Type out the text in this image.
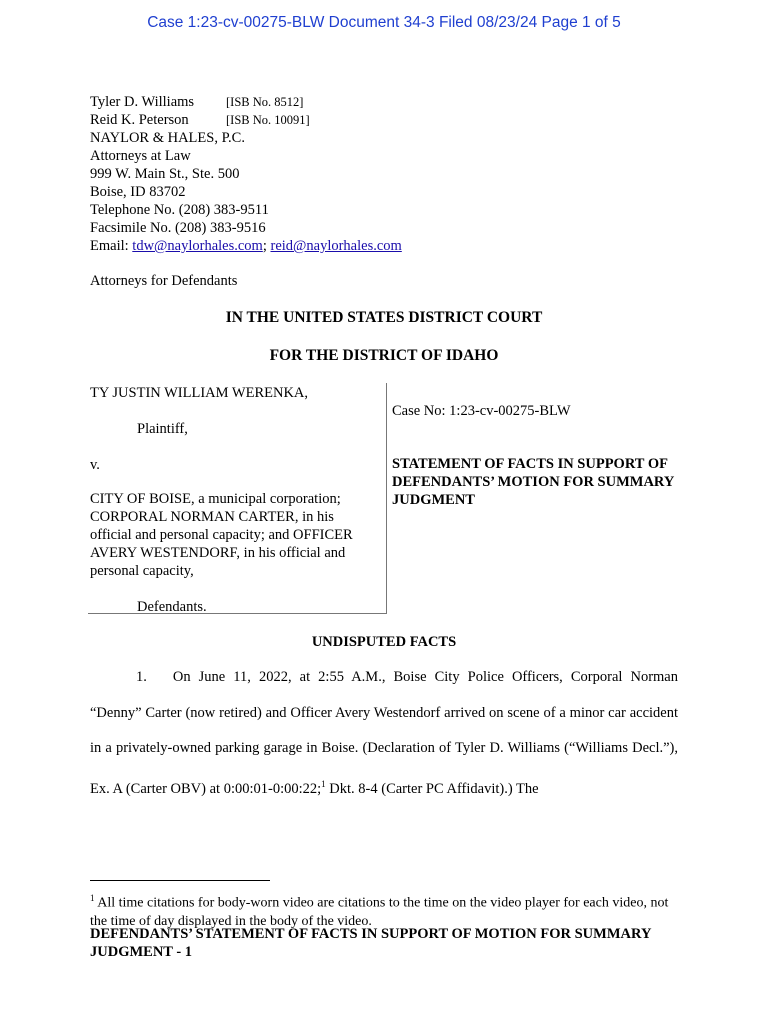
Case 1:23-cv-00275-BLW Document 34-3 Filed 08/23/24 Page 1 of 5
Tyler D. Williams	[ISB No. 8512]
Reid K. Peterson	[ISB No. 10091]
NAYLOR & HALES, P.C.
Attorneys at Law
999 W. Main St., Ste. 500
Boise, ID 83702
Telephone No. (208) 383-9511
Facsimile No. (208) 383-9516
Email: tdw@naylorhales.com; reid@naylorhales.com
Attorneys for Defendants
IN THE UNITED STATES DISTRICT COURT
FOR THE DISTRICT OF IDAHO
TY JUSTIN WILLIAM WERENKA,
Plaintiff,
v.
CITY OF BOISE, a municipal corporation; CORPORAL NORMAN CARTER, in his official and personal capacity; and OFFICER AVERY WESTENDORF, in his official and personal capacity,
Defendants.
Case No: 1:23-cv-00275-BLW
STATEMENT OF FACTS IN SUPPORT OF DEFENDANTS’ MOTION FOR SUMMARY JUDGMENT
UNDISPUTED FACTS
1. On June 11, 2022, at 2:55 A.M., Boise City Police Officers, Corporal Norman “Denny” Carter (now retired) and Officer Avery Westendorf arrived on scene of a minor car accident in a privately-owned parking garage in Boise. (Declaration of Tyler D. Williams (“Williams Decl.”), Ex. A (Carter OBV) at 0:00:01-0:00:22;$^1$ Dkt. 8-4 (Carter PC Affidavit).) The
$^1$ All time citations for body-worn video are citations to the time on the video player for each video, not the time of day displayed in the body of the video.
DEFENDANTS’ STATEMENT OF FACTS IN SUPPORT OF MOTION FOR SUMMARY JUDGMENT - 1
